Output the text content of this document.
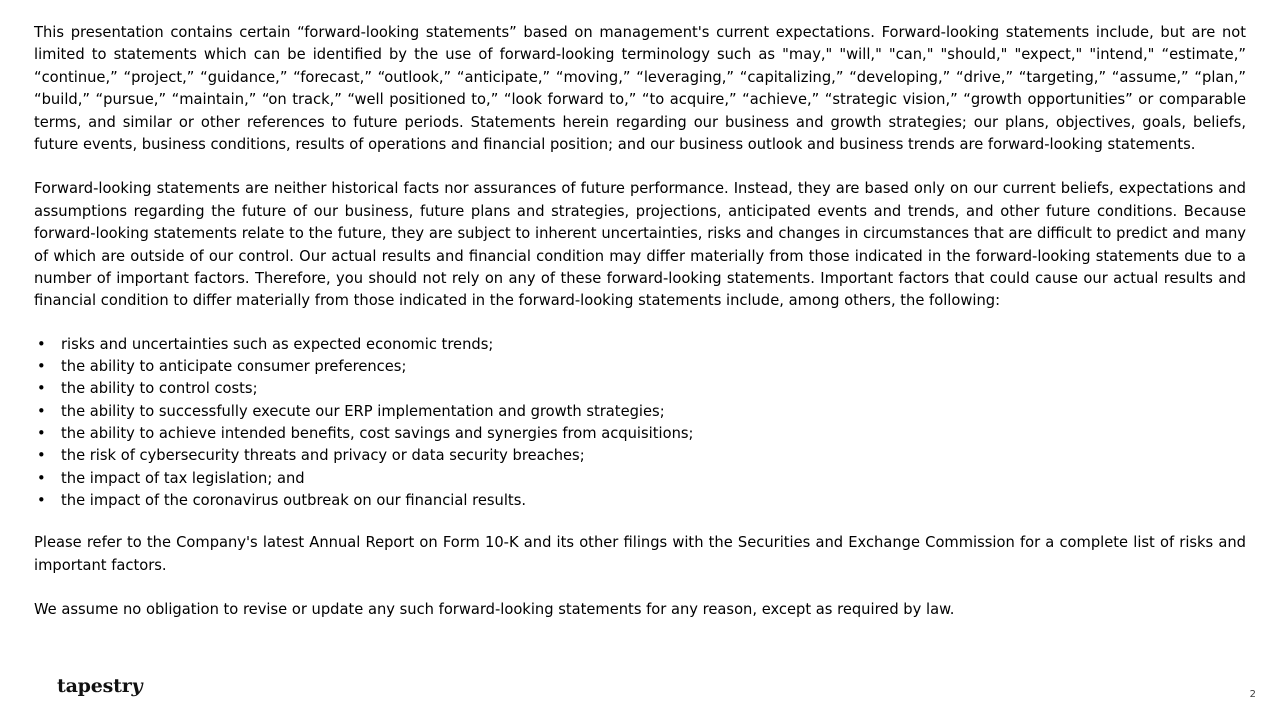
This presentation contains certain “forward-looking statements” based on management's current expectations. Forward-looking statements include, but are not limited to statements which can be identified by the use of forward-looking terminology such as "may," "will," "can," "should," "expect," "intend," “estimate,” “continue,” “project,” “guidance,” “forecast,” “outlook,” “anticipate,” “moving,” “leveraging,” “capitalizing,” “developing,” “drive,” “targeting,” “assume,” “plan,” “build,” “pursue,” “maintain,” “on track,” “well positioned to,” “look forward to,” “to acquire,” “achieve,” “strategic vision,” “growth opportunities” or comparable terms, and similar or other references to future periods. Statements herein regarding our business and growth strategies; our plans, objectives, goals, beliefs, future events, business conditions, results of operations and financial position; and our business outlook and business trends are forward-looking statements.

Forward-looking statements are neither historical facts nor assurances of future performance. Instead, they are based only on our current beliefs, expectations and assumptions regarding the future of our business, future plans and strategies, projections, anticipated events and trends, and other future conditions. Because forward-looking statements relate to the future, they are subject to inherent uncertainties, risks and changes in circumstances that are difficult to predict and many of which are outside of our control. Our actual results and financial condition may differ materially from those indicated in the forward-looking statements due to a number of important factors. Therefore, you should not rely on any of these forward-looking statements. Important factors that could cause our actual results and financial condition to differ materially from those indicated in the forward-looking statements include, among others, the following:

• risks and uncertainties such as expected economic trends;
• the ability to anticipate consumer preferences;
• the ability to control costs;
• the ability to successfully execute our ERP implementation and growth strategies;
• the ability to achieve intended benefits, cost savings and synergies from acquisitions;
• the risk of cybersecurity threats and privacy or data security breaches;
• the impact of tax legislation; and
• the impact of the coronavirus outbreak on our financial results.

Please refer to the Company's latest Annual Report on Form 10-K and its other filings with the Securities and Exchange Commission for a complete list of risks and important factors.

We assume no obligation to revise or update any such forward-looking statements for any reason, except as required by law.

tapestry	2
